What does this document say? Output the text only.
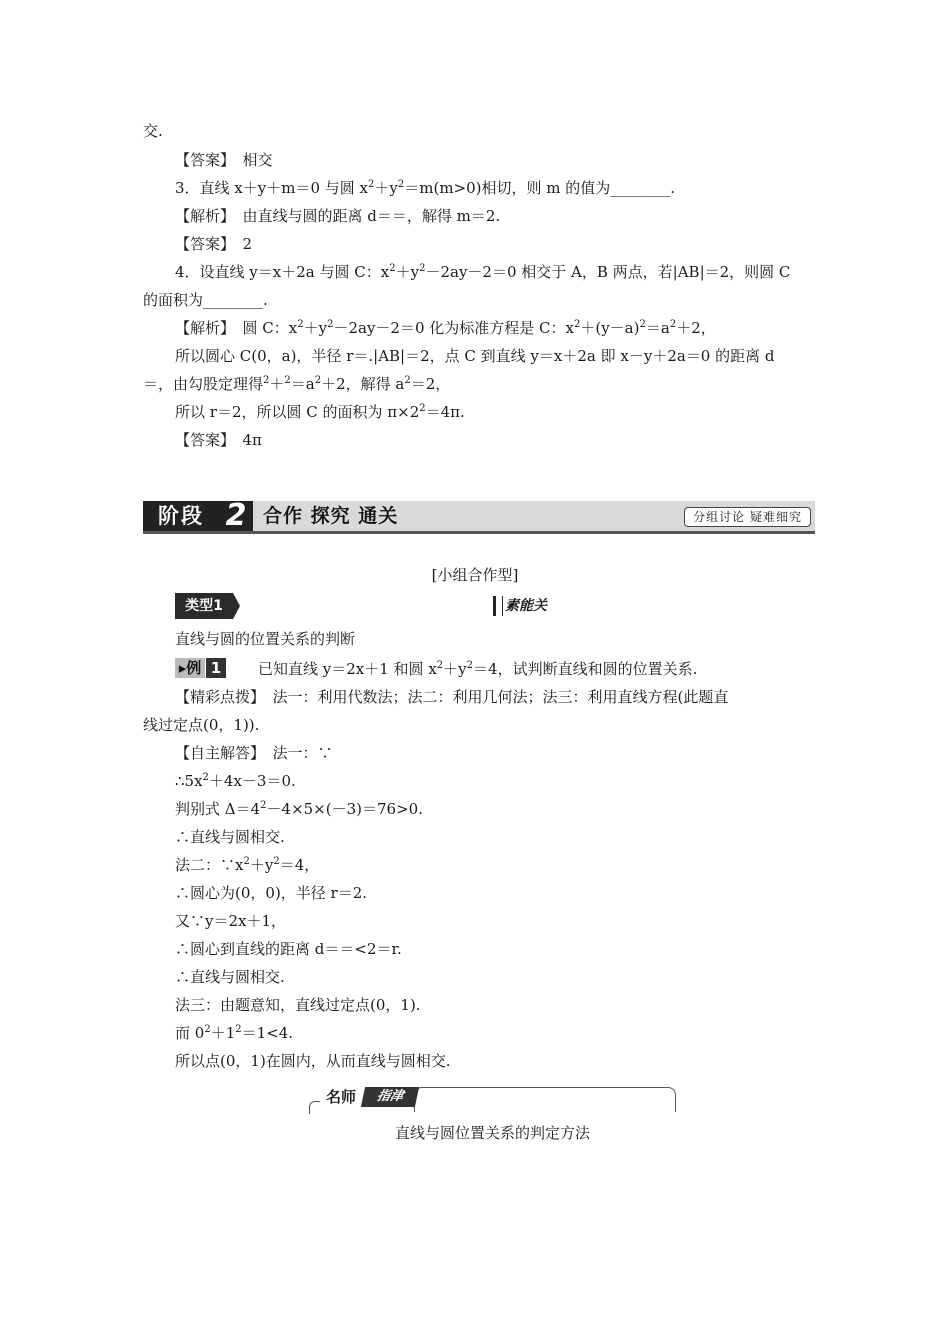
交.
【答案】　相交
3．直线 x＋y＋m＝0 与圆 $x^2+y^2=m(m>0)$相切，则 m 的值为________.
【解析】　由直线与圆的距离 d＝＝，解得 m＝2.
【答案】　2
4．设直线 y＝x＋2a 与圆 C：$x^2+y^2-2ay-2=0$ 相交于 A，B 两点，若|AB|＝2，则圆 C
的面积为________.
【解析】　圆 C：$x^2+y^2-2ay-2=0$ 化为标准方程是 C：$x^2+(y-a)^2=a^2+2$，
所以圆心 C(0，a)，半径 r＝.|AB|＝2，点 C 到直线 y＝x＋2a 即 x－y＋2a＝0 的距离 d
＝，由勾股定理得$^2+^2=a^2+2$，解得 $a^2=2$，
所以 r＝2，所以圆 C 的面积为 $\pi\times 2^2=4\pi$.
【答案】　4π
阶段 2 合作 探究 通关	分组讨论 疑难细究
[小组合作型]
类型1	素能关
直线与圆的位置关系的判断
▸例 1	已知直线 y＝2x＋1 和圆 $x^2+y^2=4$，试判断直线和圆的位置关系.
【精彩点拨】　法一：利用代数法；法二：利用几何法；法三：利用直线方程(此题直
线过定点(0，1)).
【自主解答】　法一：∵
$\therefore 5x^2+4x-3=0$.
判别式 $\Delta=4^2-4\times 5\times(-3)=76>0$.
∴直线与圆相交.
法二：$\because x^2+y^2=4$，
∴圆心为(0，0)，半径 r＝2.
又∵y＝2x＋1，
∴圆心到直线的距离 d＝＝<2＝r.
∴直线与圆相交.
法三：由题意知，直线过定点(0，1).
而 $0^2+1^2=1<4$.
所以点(0，1)在圆内，从而直线与圆相交.
名师	指津
直线与圆位置关系的判定方法
